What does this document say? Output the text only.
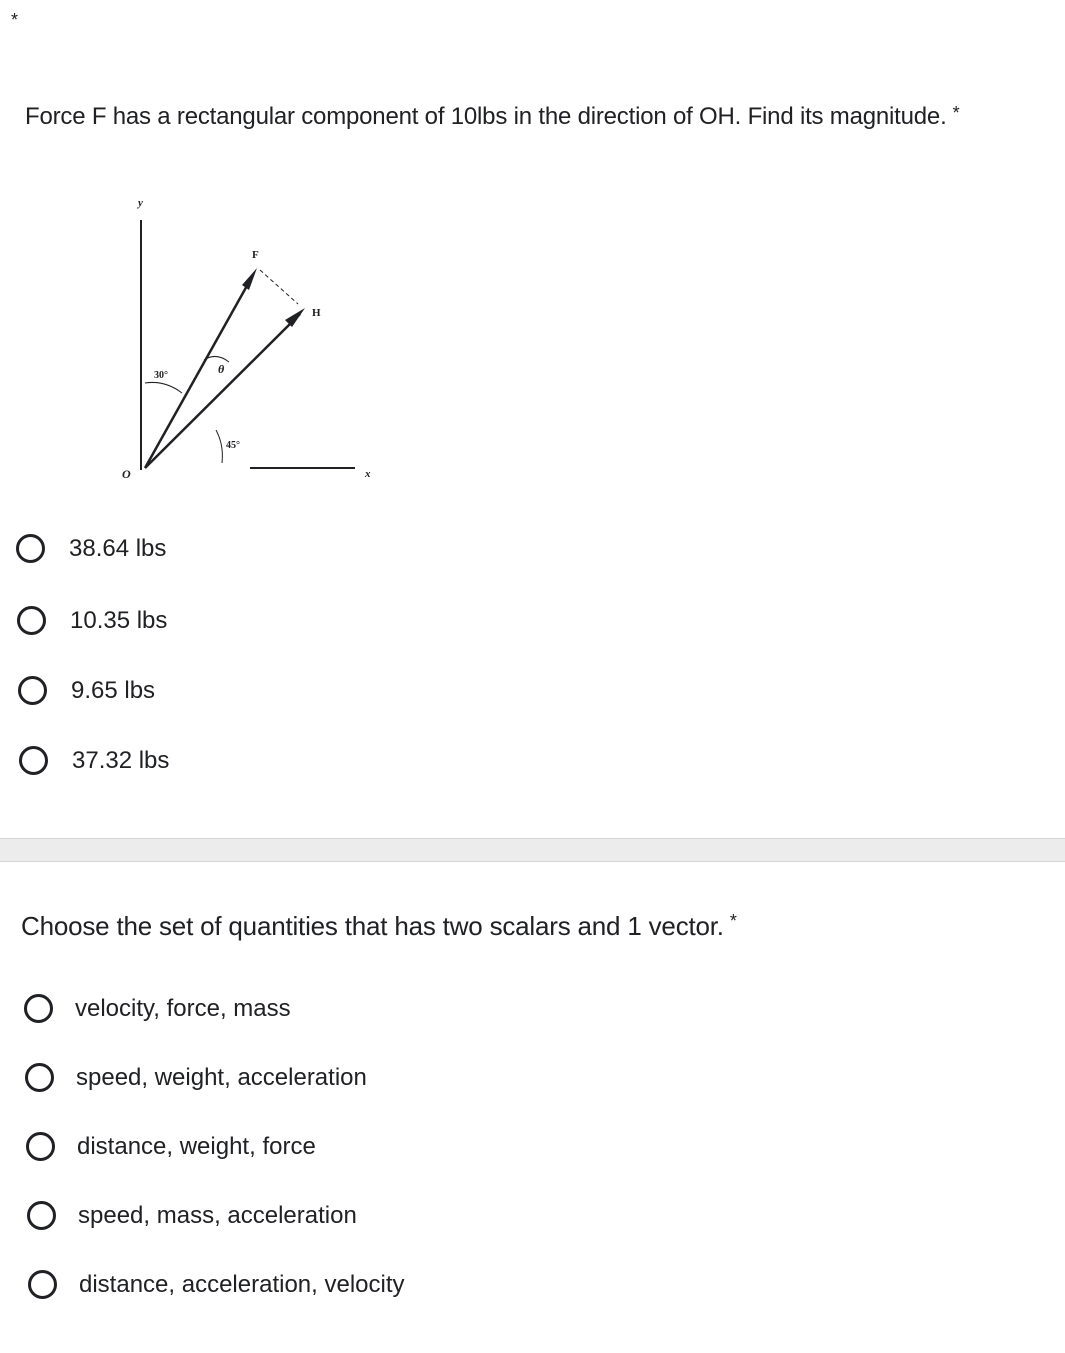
*
Force F has a rectangular component of 10lbs in the direction of OH. Find its magnitude. *
y
O	x
F
H
θ
30°
45°
38.64 lbs
10.35 lbs
9.65 lbs
37.32 lbs
Choose the set of quantities that has two scalars and 1 vector. *
velocity, force, mass
speed, weight, acceleration
distance, weight, force
speed, mass, acceleration
distance, acceleration, velocity
